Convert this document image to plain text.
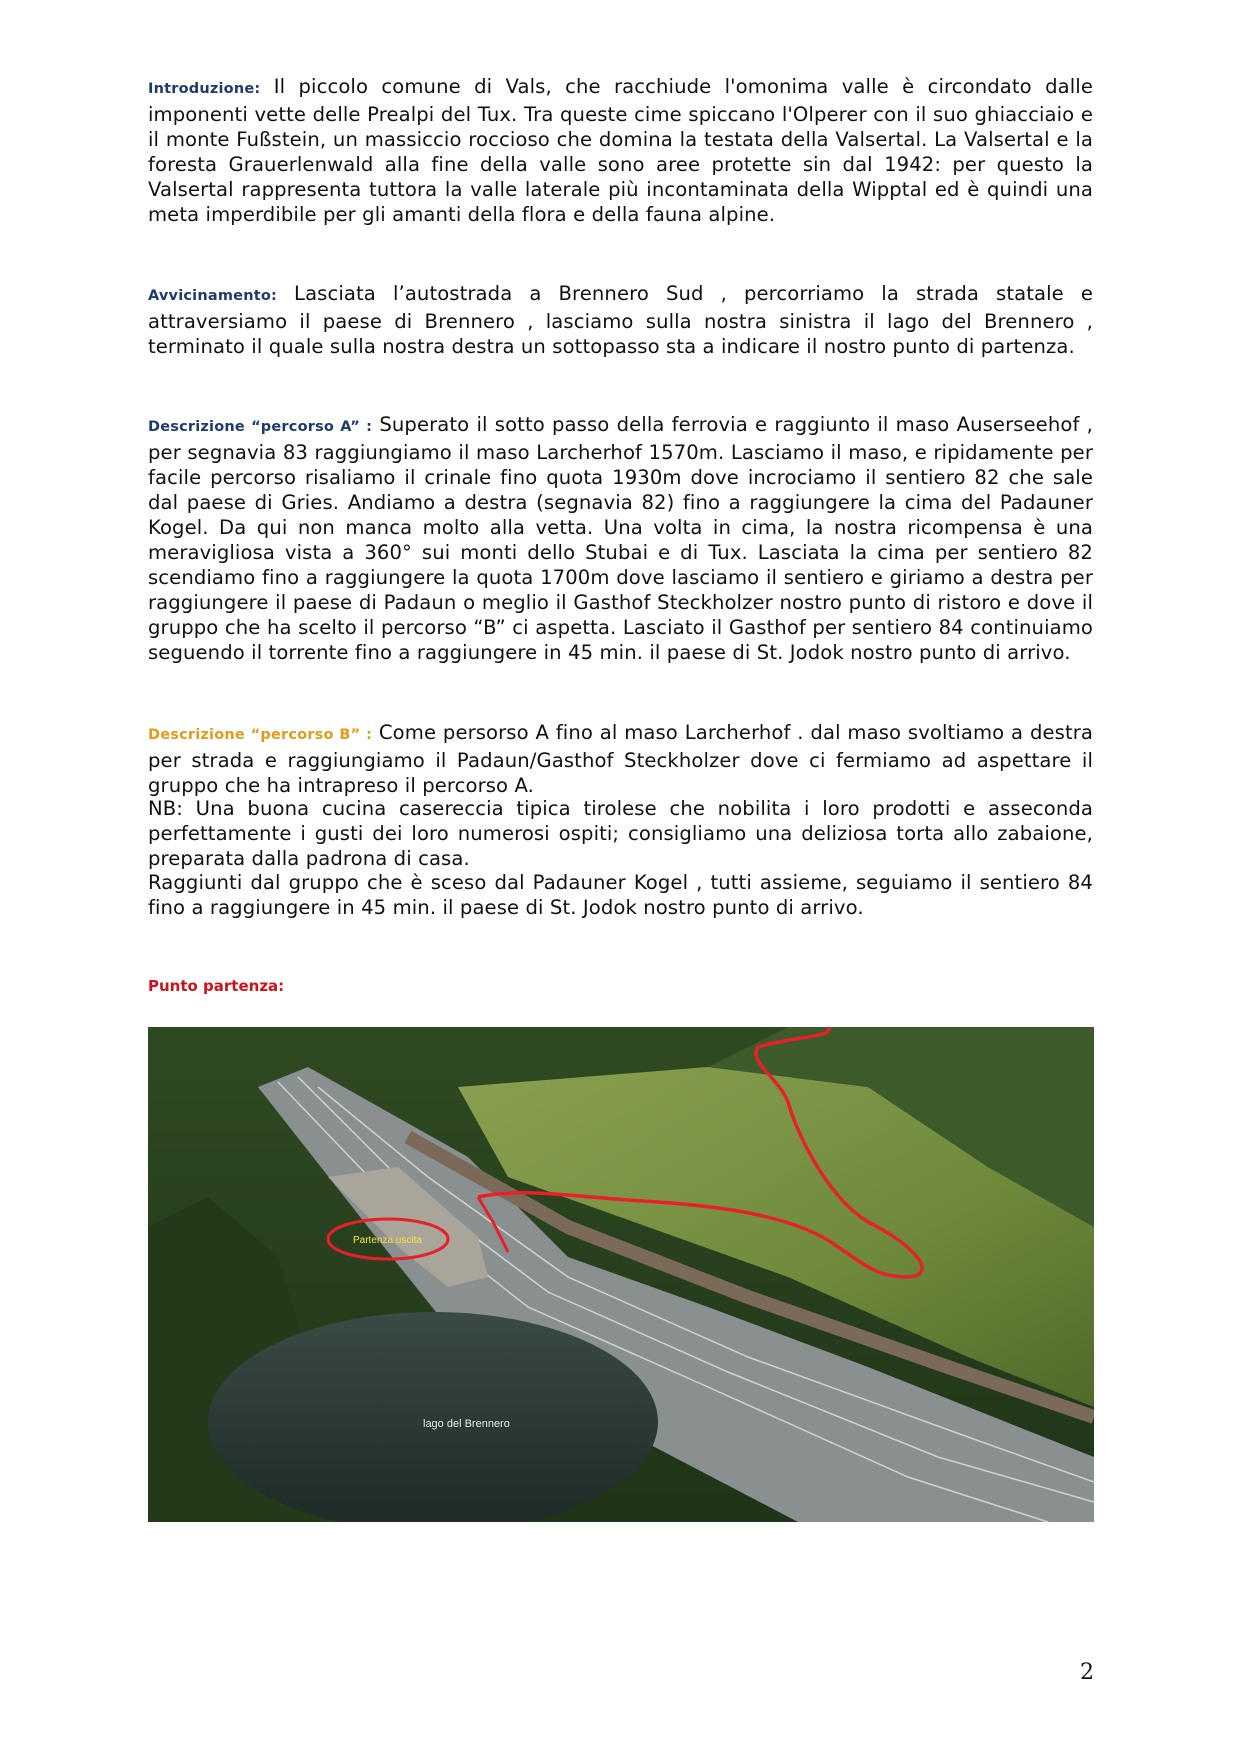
Introduzione: Il piccolo comune di Vals, che racchiude l'omonima valle è circondato dalle imponenti vette delle Prealpi del Tux. Tra queste cime spiccano l'Olperer con il suo ghiacciaio e il monte Fußstein, un massiccio roccioso che domina la testata della Valsertal. La Valsertal e la foresta Grauerlenwald alla fine della valle sono aree protette sin dal 1942: per questo la Valsertal rappresenta tuttora la valle laterale più incontaminata della Wipptal ed è quindi una meta imperdibile per gli amanti della flora e della fauna alpine.

Avvicinamento: Lasciata l’autostrada a Brennero Sud , percorriamo la strada statale e attraversiamo il paese di Brennero , lasciamo sulla nostra sinistra il lago del Brennero , terminato il quale sulla nostra destra un sottopasso sta a indicare il nostro punto di partenza.

Descrizione “percorso A” : Superato il sotto passo della ferrovia e raggiunto il maso Auserseehof , per segnavia 83 raggiungiamo il maso Larcherhof 1570m. Lasciamo il maso, e ripidamente per facile percorso risaliamo il crinale fino quota 1930m dove incrociamo il sentiero 82 che sale dal paese di Gries. Andiamo a destra (segnavia 82) fino a raggiungere la cima del Padauner Kogel. Da qui non manca molto alla vetta. Una volta in cima, la nostra ricompensa è una meravigliosa vista a 360° sui monti dello Stubai e di Tux. Lasciata la cima per sentiero 82 scendiamo fino a raggiungere la quota 1700m dove lasciamo il sentiero e giriamo a destra per raggiungere il paese di Padaun o meglio il Gasthof Steckholzer nostro punto di ristoro e dove il gruppo che ha scelto il percorso “B” ci aspetta. Lasciato il Gasthof per sentiero 84 continuiamo seguendo il torrente fino a raggiungere in 45 min. il paese di St. Jodok nostro punto di arrivo.

Descrizione “percorso B” : Come persorso A fino al maso Larcherhof . dal maso svoltiamo a destra per strada e raggiungiamo il Padaun/Gasthof Steckholzer dove ci fermiamo ad aspettare il gruppo che ha intrapreso il percorso A.

NB: Una buona cucina casereccia tipica tirolese che nobilita i loro prodotti e asseconda perfettamente i gusti dei loro numerosi ospiti; consigliamo una deliziosa torta allo zabaione, preparata dalla padrona di casa.

Raggiunti dal gruppo che è sceso dal Padauner Kogel , tutti assieme, seguiamo il sentiero 84 fino a raggiungere in 45 min. il paese di St. Jodok nostro punto di arrivo.

Punto partenza:
lago del Brennero
Partenza uscita
2
